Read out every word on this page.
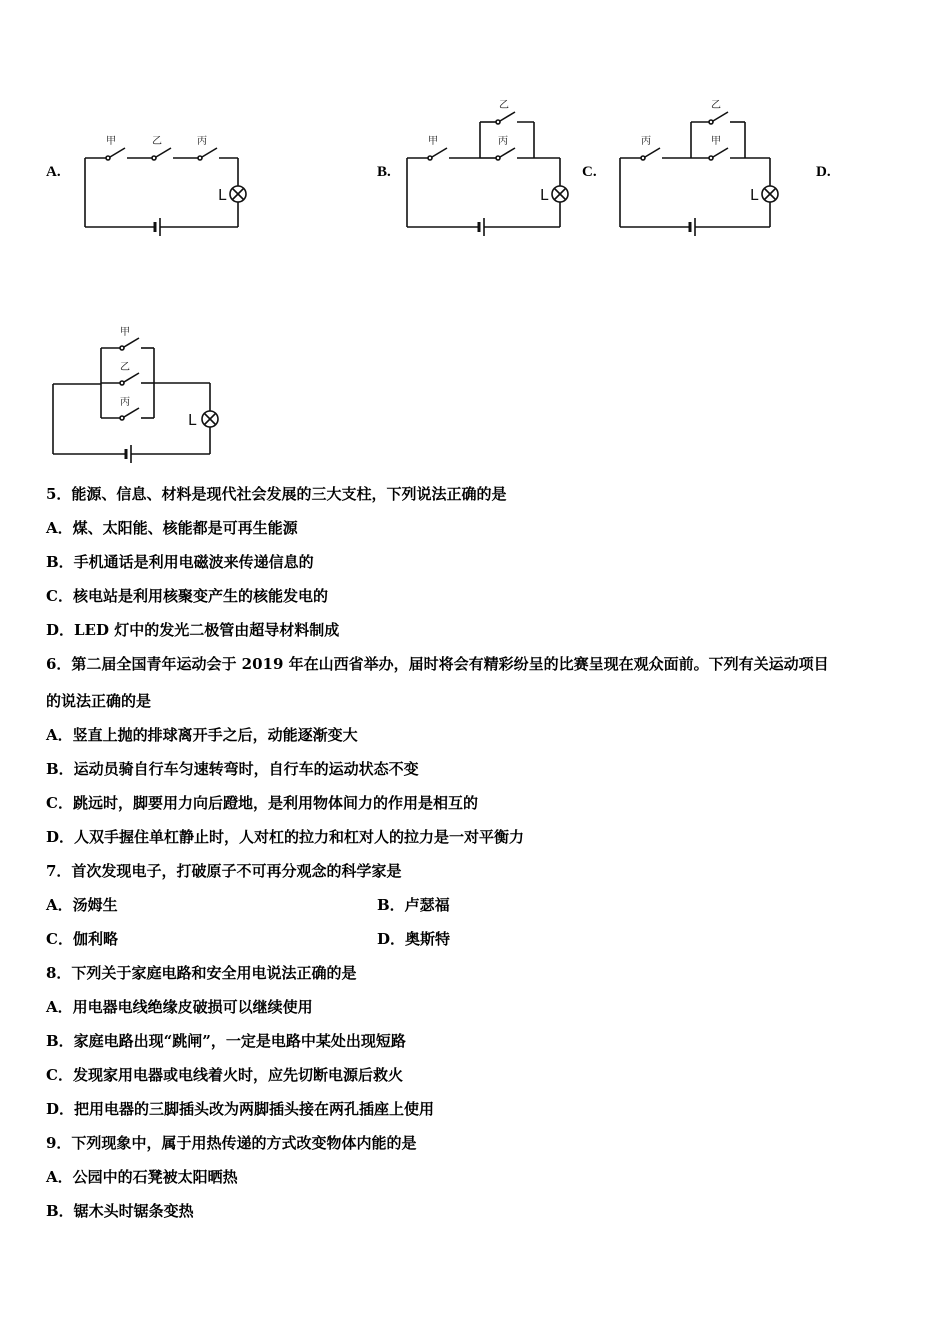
A.	B.	C.	D.
甲	乙	丙
L
甲
乙
丙
L
丙
乙
甲
L
甲
乙
丙
L
5．能源、信息、材料是现代社会发展的三大支柱，下列说法正确的是
A．煤、太阳能、核能都是可再生能源
B．手机通话是利用电磁波来传递信息的
C．核电站是利用核聚变产生的核能发电的
D．LED 灯中的发光二极管由超导材料制成
6．第二届全国青年运动会于 2019 年在山西省举办，届时将会有精彩纷呈的比赛呈现在观众面前。下列有关运动项目
的说法正确的是
A．竖直上抛的排球离开手之后，动能逐渐变大
B．运动员骑自行车匀速转弯时，自行车的运动状态不变
C．跳远时，脚要用力向后蹬地，是利用物体间力的作用是相互的
D．人双手握住单杠静止时，人对杠的拉力和杠对人的拉力是一对平衡力
7．首次发现电子，打破原子不可再分观念的科学家是
A．汤姆生	B．卢瑟福
C．伽利略	D．奥斯特
8．下列关于家庭电路和安全用电说法正确的是
A．用电器电线绝缘皮破损可以继续使用
B．家庭电路出现“跳闸”，一定是电路中某处出现短路
C．发现家用电器或电线着火时，应先切断电源后救火
D．把用电器的三脚插头改为两脚插头接在两孔插座上使用
9．下列现象中，属于用热传递的方式改变物体内能的是
A．公园中的石凳被太阳晒热
B．锯木头时锯条变热
